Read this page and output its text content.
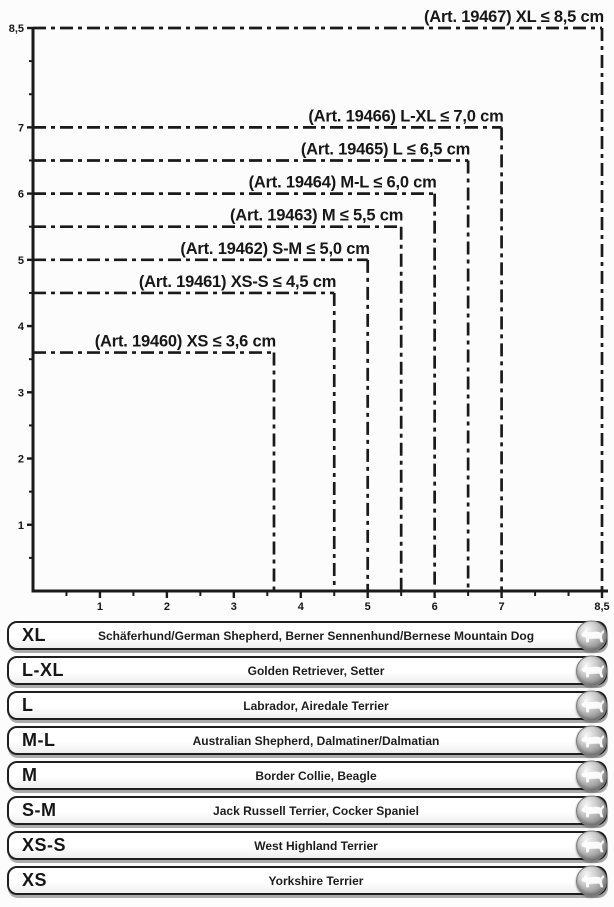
(Art. 19467) XL ≤ 8,5 cm
(Art. 19466) L-XL ≤ 7,0 cm
(Art. 19465) L ≤ 6,5 cm
(Art. 19464) M-L ≤ 6,0 cm
(Art. 19463) M ≤ 5,5 cm
(Art. 19462) S-M ≤ 5,0 cm
(Art. 19461) XS-S ≤ 4,5 cm
(Art. 19460) XS ≤ 3,6 cm
1	2	3	4	5	6	7	8,5
1
2
3
4
5
6
7
8,5
XL	Schäferhund/German Shepherd, Berner Sennenhund/Bernese Mountain Dog
L-XL	Golden Retriever, Setter
L	Labrador, Airedale Terrier
M-L	Australian Shepherd, Dalmatiner/Dalmatian
M	Border Collie, Beagle
S-M	Jack Russell Terrier, Cocker Spaniel
XS-S	West Highland Terrier
XS	Yorkshire Terrier
